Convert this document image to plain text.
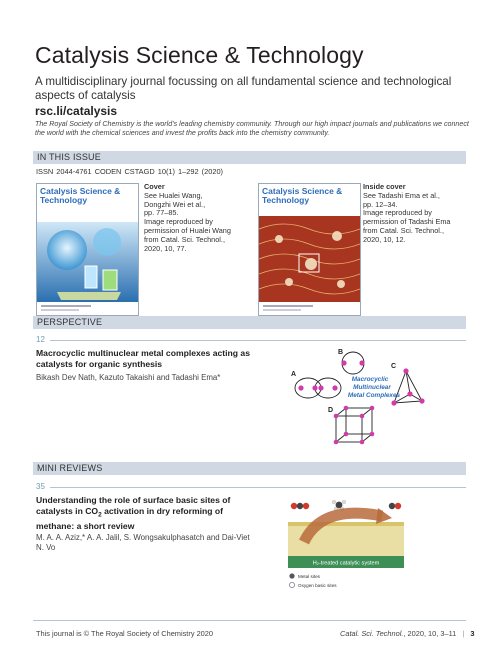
Catalysis Science & Technology
A multidisciplinary journal focussing on all fundamental science and technological aspects of catalysis
rsc.li/catalysis
The Royal Society of Chemistry is the world’s leading chemistry community. Through our high impact journals and publications we connect the world with the chemical sciences and invest the profits back into the chemistry community.
IN THIS ISSUE
ISSN 2044-4761 CODEN CSTAGD 10(1) 1–292 (2020)
Catalysis Science & Technology
Cover
See Hualei Wang,
Dongzhi Wei et al.,
pp. 77–85.
Image reproduced by
permission of Hualei Wang
from Catal. Sci. Technol.,
2020, 10, 77.
Catalysis Science & Technology
Inside cover
See Tadashi Ema et al.,
pp. 12–34.
Image reproduced by
permission of Tadashi Ema
from Catal. Sci. Technol.,
2020, 10, 12.
PERSPECTIVE
12
Macrocyclic multinuclear metal complexes acting as catalysts for organic synthesis
Bikash Dev Nath, Kazuto Takaishi and Tadashi Ema*	A
B
C
D
Macrocyclic
Multinuclear
Metal Complexes
MINI REVIEWS
35
Understanding the role of surface basic sites of
catalysts in $CO_2$ activation in dry reforming of
methane: a short review
M. A. A. Aziz,* A. A. Jalil, S. Wongsakulphasatch and Dai-Viet N. Vo
H₂-treated catalytic system
Metal sites
Oxygen basic sites
This journal is © The Royal Society of Chemistry 2020	Catal. Sci. Technol., 2020, 10, 3–11 | 3
